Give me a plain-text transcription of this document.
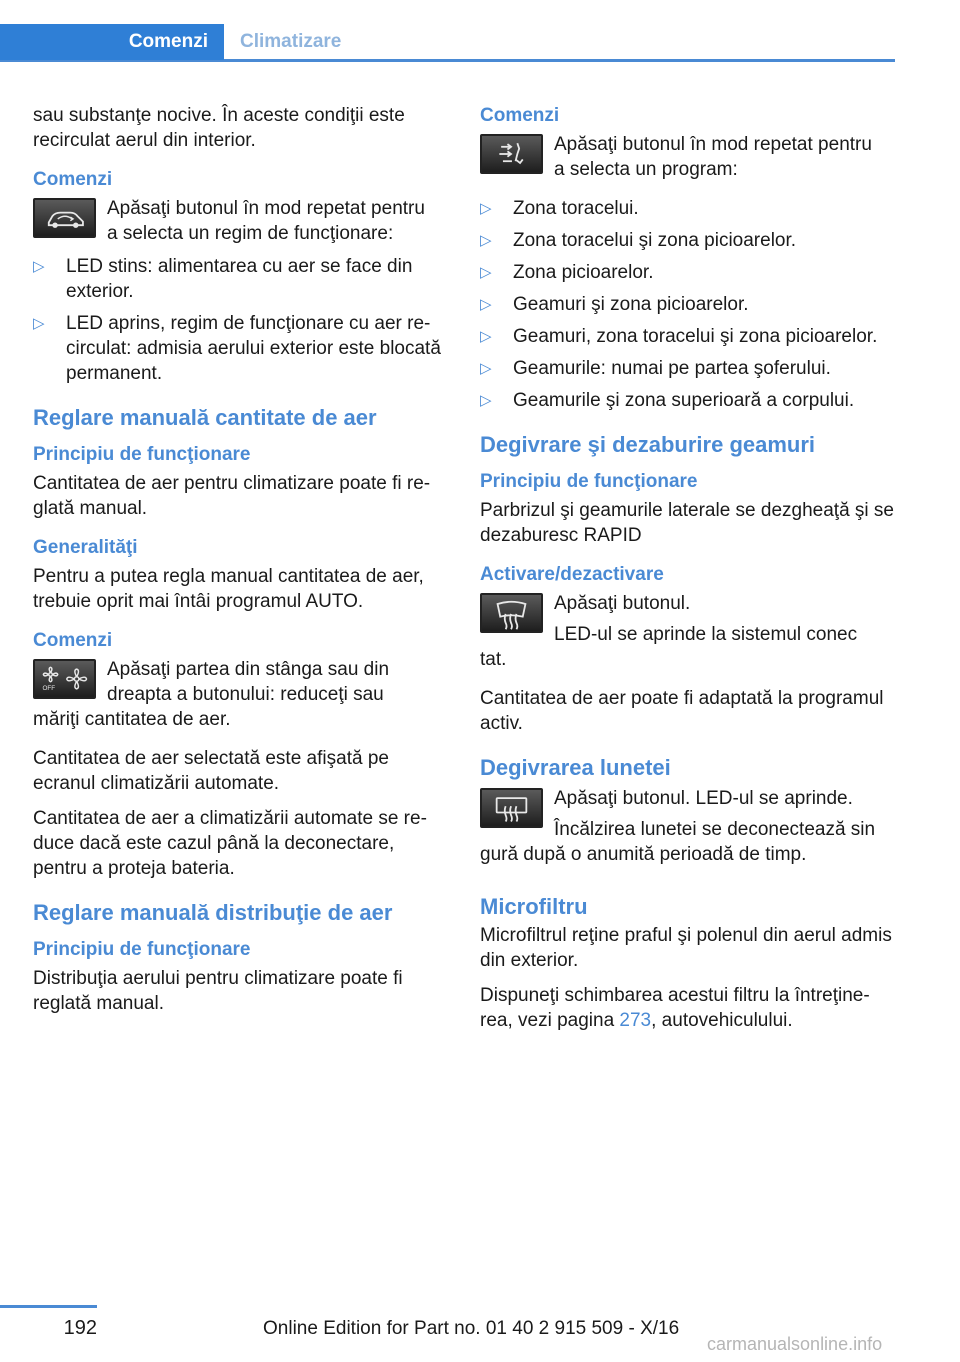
Comenzi	Climatizare

sau substanţe nocive. În aceste condiţii este recirculat aerul din interior.

Comenzi
Apăsaţi butonul în mod repetat pentru
a selecta un regim de funcţionare:
▷ LED stins: alimentarea cu aer se face din exterior.
▷ LED aprins, regim de funcţionare cu aer recirculat: admisia aerului exterior este blocată permanent.
Reglare manuală cantitate de aer
Principiu de funcţionare

Cantitatea de aer pentru climatizare poate fi reglată manual.

Generalităţi

Pentru a putea regla manual cantitatea de aer, trebuie oprit mai întâi programul AUTO.

Comenzi
OFF
Apăsaţi partea din stânga sau din
dreapta a butonului: reduceţi sau
măriţi cantitatea de aer.

Cantitatea de aer selectată este afişată pe ecranul climatizării automate.

Cantitatea de aer a climatizării automate se reduce dacă este cazul până la deconectare, pentru a proteja bateria.

Reglare manuală distribuţie de aer
Principiu de funcţionare

Distribuţia aerului pentru climatizare poate fi reglată manual.

Comenzi
Apăsaţi butonul în mod repetat pentru
a selecta un program:
▷ Zona toracelui.
▷ Zona toracelui şi zona picioarelor.
▷ Zona picioarelor.
▷ Geamuri şi zona picioarelor.
▷ Geamuri, zona toracelui şi zona picioarelor.
▷ Geamurile: numai pe partea şoferului.
▷ Geamurile şi zona superioară a corpului.
Degivrare şi dezaburire geamuri
Principiu de funcţionare

Parbrizul şi geamurile laterale se dezgheaţă şi se dezaburesc RAPID

Activare/dezactivare
Apăsaţi butonul.
LED-ul se aprinde la sistemul conec
tat.

Cantitatea de aer poate fi adaptată la programul activ.

Degivrarea lunetei
Apăsaţi butonul. LED-ul se aprinde.
Încălzirea lunetei se deconectează sin
gură după o anumită perioadă de timp.
Microfiltru

Microfiltrul reţine praful şi polenul din aerul admis din exterior.

Dispuneţi schimbarea acestui filtru la întreţinerea, vezi pagina 273, autovehiculului.

192	Online Edition for Part no. 01 40 2 915 509 - X/16
carmanualsonline.info
